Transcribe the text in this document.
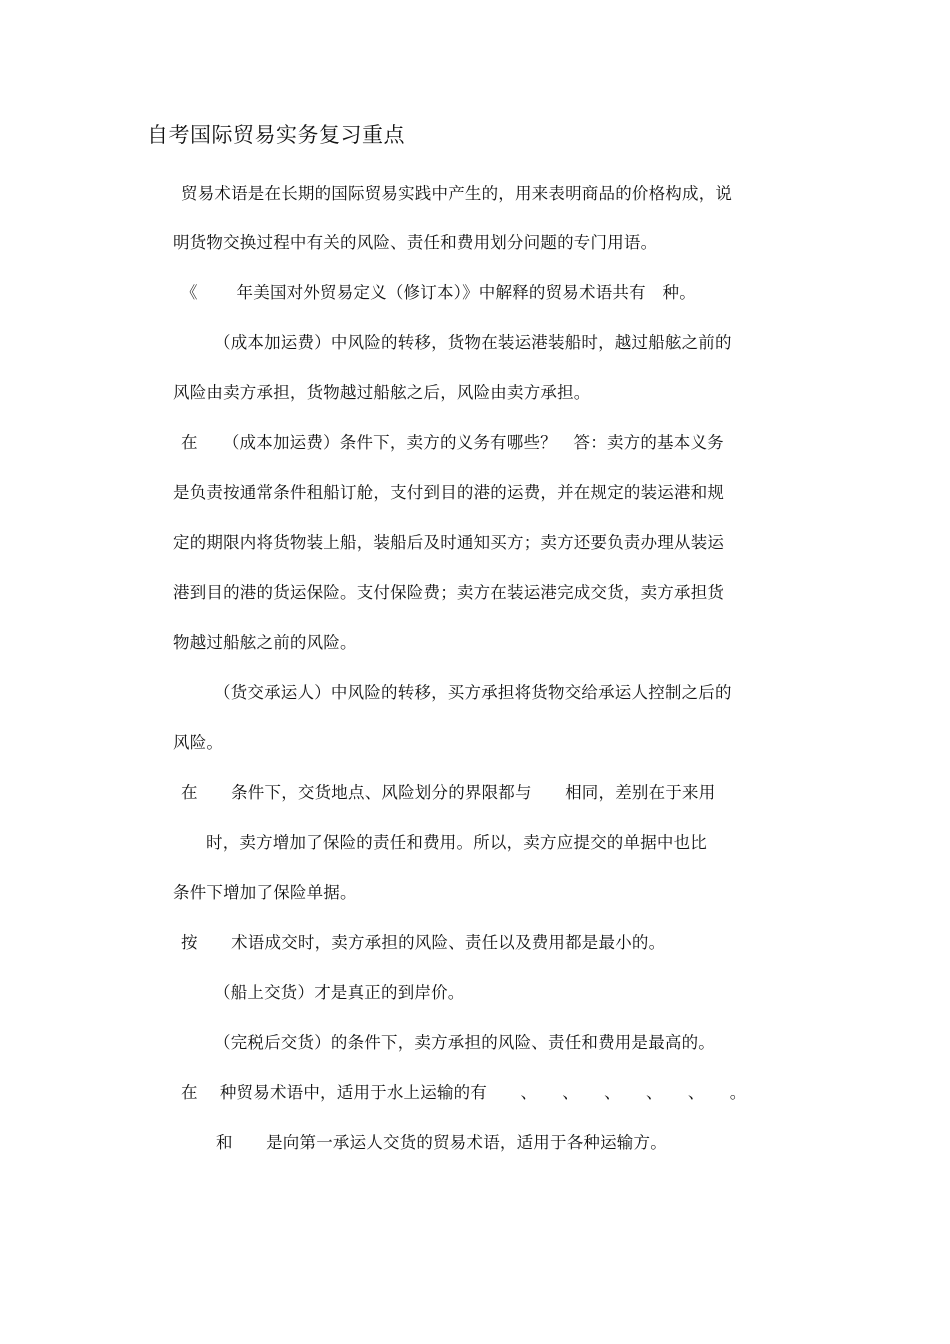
自考国际贸易实务复习重点
贸易术语是在长期的国际贸易实践中产生的，用来表明商品的价格构成，说
明货物交换过程中有关的风险、责任和费用划分问题的专门用语。
《　　 年美国对外贸易定义（修订本）》中解释的贸易术语共有　种。
（成本加运费）中风险的转移，货物在装运港装船时，越过船舷之前的
风险由卖方承担，货物越过船舷之后，风险由卖方承担。
在　　（成本加运费）条件下，卖方的义务有哪些？　答：卖方的基本义务
是负责按通常条件租船订舱，支付到目的港的运费，并在规定的装运港和规
定的期限内将货物装上船，装船后及时通知买方；卖方还要负责办理从装运
港到目的港的货运保险。支付保险费；卖方在装运港完成交货，卖方承担货
物越过船舷之前的风险。
（货交承运人）中风险的转移，买方承担将货物交给承运人控制之后的
风险。
在　　条件下，交货地点、风险划分的界限都与　　相同，差别在于来用
时，卖方增加了保险的责任和费用。所以，卖方应提交的单据中也比
条件下增加了保险单据。
按　　术语成交时，卖方承担的风险、责任以及费用都是最小的。
（船上交货）才是真正的到岸价。
（完税后交货）的条件下，卖方承担的风险、责任和费用是最高的。
在　 种贸易术语中，适用于水上运输的有　　、　　、　　、　　、　　、　　。
和　　是向第一承运人交货的贸易术语，适用于各种运输方。
